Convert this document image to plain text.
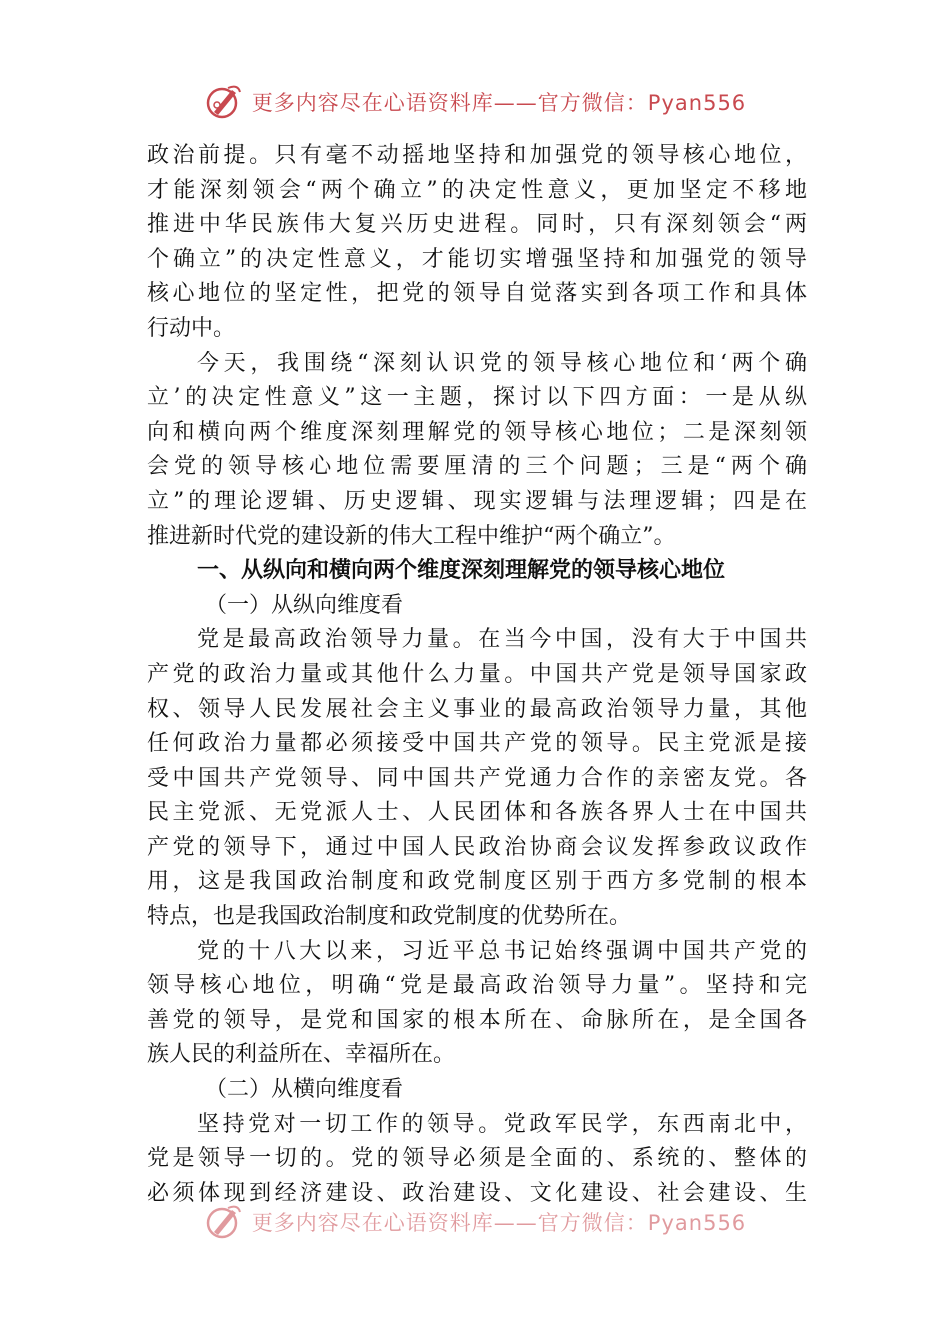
更多内容尽在心语资料库——官方微信：Pyan556
政治前提。只有毫不动摇地坚持和加强党的领导核心地位，
才能深刻领会“两个确立”的决定性意义，更加坚定不移地
推进中华民族伟大复兴历史进程。同时，只有深刻领会“两
个确立”的决定性意义，才能切实增强坚持和加强党的领导
核心地位的坚定性，把党的领导自觉落实到各项工作和具体
行动中。
今天，我围绕“深刻认识党的领导核心地位和‘两个确
立’的决定性意义”这一主题，探讨以下四方面：一是从纵
向和横向两个维度深刻理解党的领导核心地位；二是深刻领
会党的领导核心地位需要厘清的三个问题；三是“两个确
立”的理论逻辑、历史逻辑、现实逻辑与法理逻辑；四是在
推进新时代党的建设新的伟大工程中维护“两个确立”。
一、从纵向和横向两个维度深刻理解党的领导核心地位
（一）从纵向维度看
党是最高政治领导力量。在当今中国，没有大于中国共
产党的政治力量或其他什么力量。中国共产党是领导国家政
权、领导人民发展社会主义事业的最高政治领导力量，其他
任何政治力量都必须接受中国共产党的领导。民主党派是接
受中国共产党领导、同中国共产党通力合作的亲密友党。各
民主党派、无党派人士、人民团体和各族各界人士在中国共
产党的领导下，通过中国人民政治协商会议发挥参政议政作
用，这是我国政治制度和政党制度区别于西方多党制的根本
特点，也是我国政治制度和政党制度的优势所在。
党的十八大以来，习近平总书记始终强调中国共产党的
领导核心地位，明确“党是最高政治领导力量”。坚持和完
善党的领导，是党和国家的根本所在、命脉所在，是全国各
族人民的利益所在、幸福所在。
（二）从横向维度看
坚持党对一切工作的领导。党政军民学，东西南北中，
党是领导一切的。党的领导必须是全面的、系统的、整体的
必须体现到经济建设、政治建设、文化建设、社会建设、生
更多内容尽在心语资料库——官方微信：Pyan556
